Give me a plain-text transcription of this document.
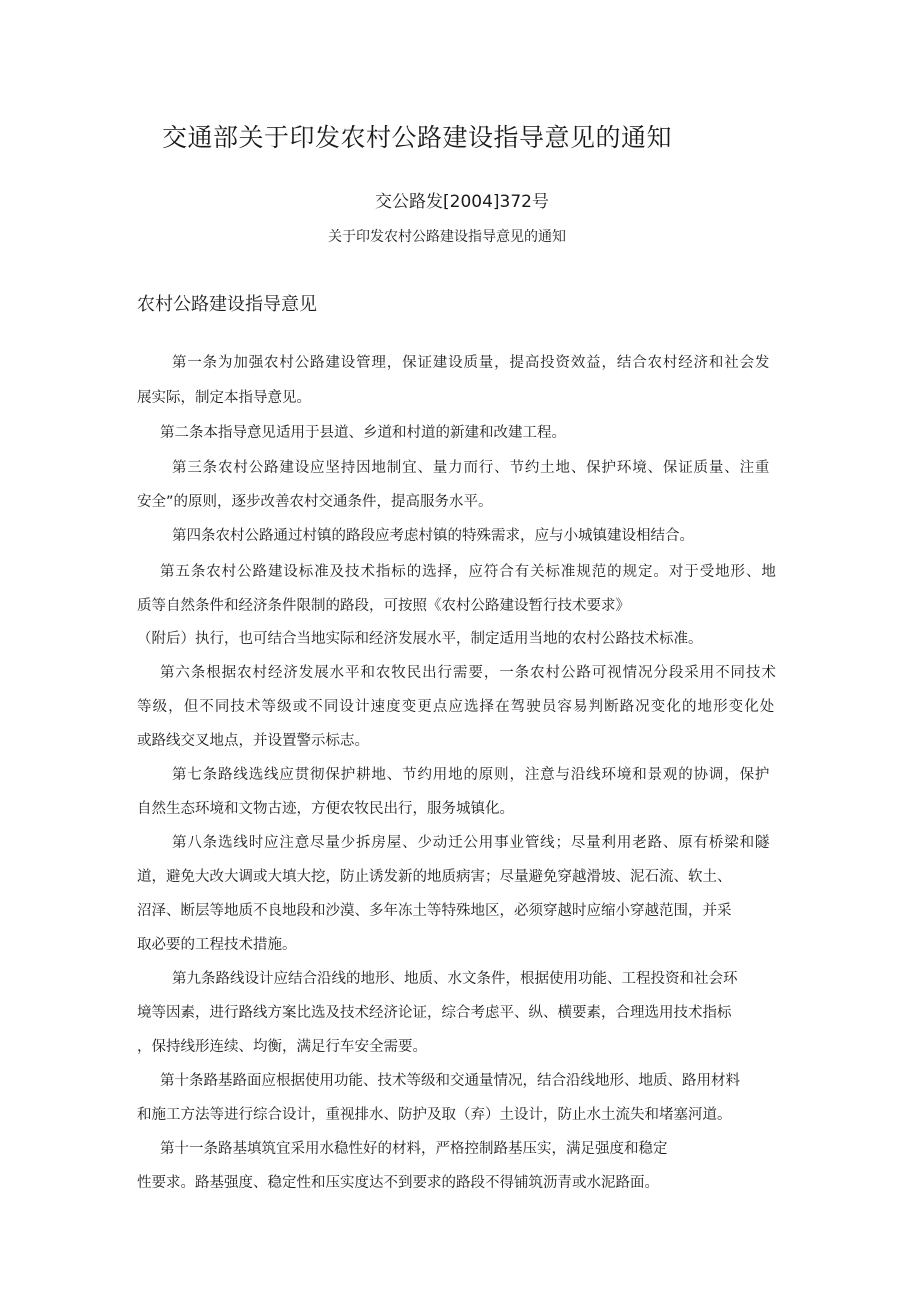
交通部关于印发农村公路建设指导意见的通知
交公路发[2004]372号
关于印发农村公路建设指导意见的通知
农村公路建设指导意见
第一条为加强农村公路建设管理，保证建设质量，提高投资效益，结合农村经济和社会发
展实际，制定本指导意见。
第二条本指导意见适用于县道、乡道和村道的新建和改建工程。
第三条农村公路建设应坚持因地制宜、量力而行、节约土地、保护环境、保证质量、注重
安全”的原则，逐步改善农村交通条件，提高服务水平。
第四条农村公路通过村镇的路段应考虑村镇的特殊需求，应与小城镇建设相结合。
第五条农村公路建设标准及技术指标的选择，应符合有关标准规范的规定。对于受地形、地
质等自然条件和经济条件限制的路段，可按照《农村公路建设暂行技术要求》
（附后）执行，也可结合当地实际和经济发展水平，制定适用当地的农村公路技术标准。
第六条根据农村经济发展水平和农牧民出行需要，一条农村公路可视情况分段采用不同技术
等级，但不同技术等级或不同设计速度变更点应选择在驾驶员容易判断路况变化的地形变化处
或路线交叉地点，并设置警示标志。
第七条路线选线应贯彻保护耕地、节约用地的原则，注意与沿线环境和景观的协调，保护
自然生态环境和文物古迹，方便农牧民出行，服务城镇化。
第八条选线时应注意尽量少拆房屋、少动迁公用事业管线；尽量利用老路、原有桥梁和隧
道，避免大改大调或大填大挖，防止诱发新的地质病害；尽量避免穿越滑坡、泥石流、软土、
沼泽、断层等地质不良地段和沙漠、多年冻土等特殊地区，必须穿越时应缩小穿越范围，并采
取必要的工程技术措施。
第九条路线设计应结合沿线的地形、地质、水文条件，根据使用功能、工程投资和社会环
境等因素，进行路线方案比选及技术经济论证，综合考虑平、纵、横要素，合理选用技术指标
，保持线形连续、均衡，满足行车安全需要。
第十条路基路面应根据使用功能、技术等级和交通量情况，结合沿线地形、地质、路用材料
和施工方法等进行综合设计，重视排水、防护及取（弃）土设计，防止水土流失和堵塞河道。
第十一条路基填筑宜采用水稳性好的材料，严格控制路基压实，满足强度和稳定
性要求。路基强度、稳定性和压实度达不到要求的路段不得铺筑沥青或水泥路面。
